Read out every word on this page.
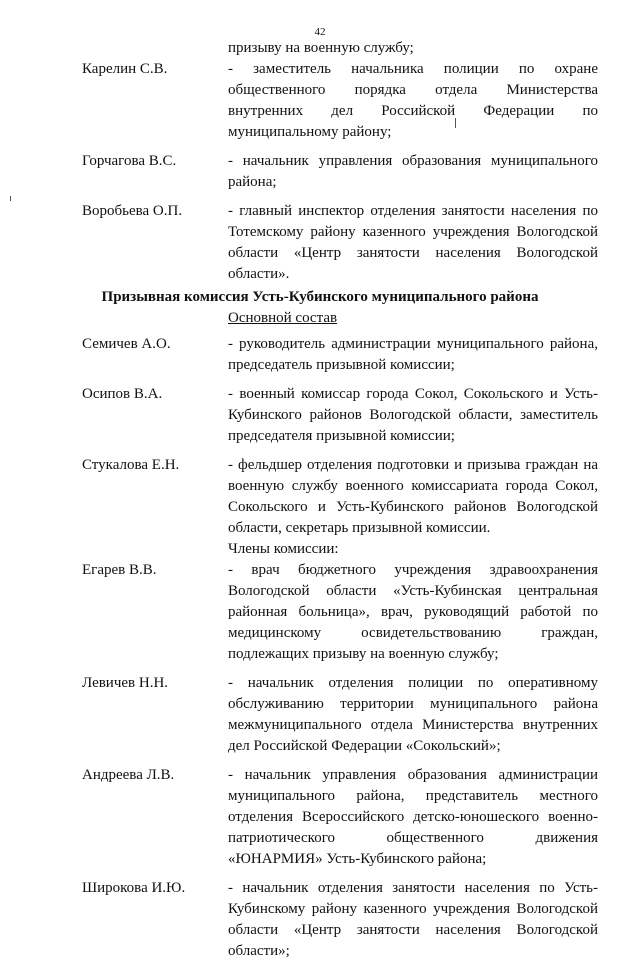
42
призыву на военную службу;
Карелин С.В.	- заместитель начальника полиции по охране общественного порядка отдела Министерства внутренних дел Российской Федерации по муниципальному району;
Горчагова В.С.	- начальник управления образования муниципального района;
Воробьева О.П.	- главный инспектор отделения занятости населения по Тотемскому району казенного учреждения Вологодской области «Центр занятости населения Вологодской области».
Призывная комиссия Усть-Кубинского муниципального района
Основной состав
Семичев А.О.	- руководитель администрации муниципального района, председатель призывной комиссии;
Осипов В.А.	- военный комиссар города Сокол, Сокольского и Усть-Кубинского районов Вологодской области, заместитель председателя призывной комиссии;
Стукалова Е.Н.	- фельдшер отделения подготовки и призыва граждан на военную службу военного комиссариата города Сокол, Сокольского и Усть-Кубинского районов Вологодской области, секретарь призывной комиссии.
Члены комиссии:
Егарев В.В.	- врач бюджетного учреждения здравоохранения Вологодской области «Усть-Кубинская центральная районная больница», врач, руководящий работой по медицинскому освидетельствованию граждан, подлежащих призыву на военную службу;
Левичев Н.Н.	- начальник отделения полиции по оперативному обслуживанию территории муниципального района межмуниципального отдела Министерства внутренних дел Российской Федерации «Сокольский»;
Андреева Л.В.	- начальник управления образования администрации муниципального района, представитель местного отделения Всероссийского детско-юношеского военно-патриотического общественного движения «ЮНАРМИЯ» Усть-Кубинского района;
Широкова И.Ю.	- начальник отделения занятости населения по Усть-Кубинскому району казенного учреждения Вологодской области «Центр занятости населения Вологодской области»;
